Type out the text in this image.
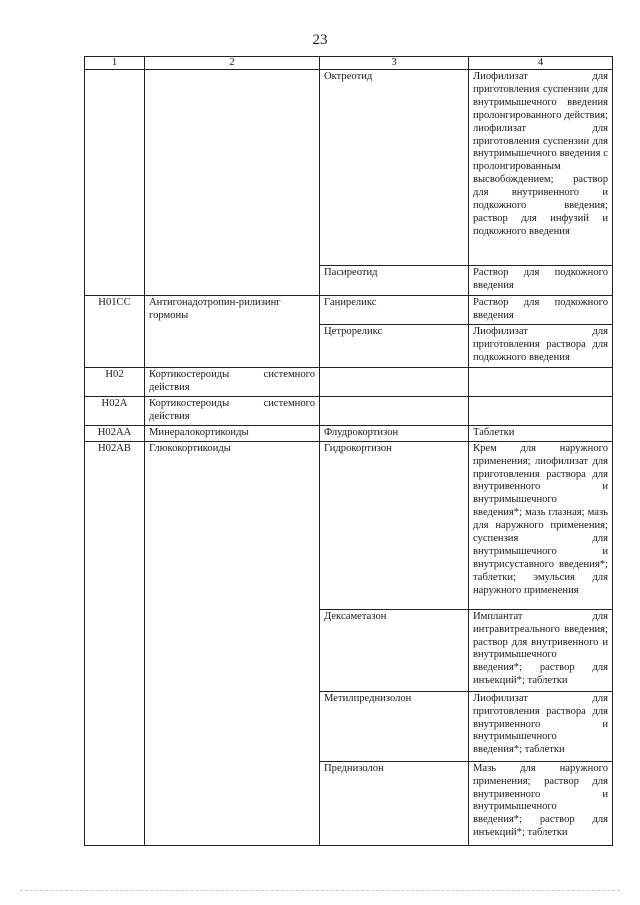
23
1	2	3	4
		Октреотид	Лиофилизат для приготовления суспензии для внутримышечного введения пролонгированного действия; лиофилизат для приготовления суспензии для внутримышечного введения с пролонгированным высвобождением; раствор для внутривенного и подкожного введения; раствор для инфузий и подкожного введения
		Пасиреотид	Раствор для подкожного введения
H01CC	Антигонадотропин-рилизинг гормоны	Ганиреликс	Раствор для подкожного введения
		Цетрореликс	Лиофилизат для приготовления раствора для подкожного введения
H02	Кортикостероиды системного действия		
H02A	Кортикостероиды системного действия		
H02AA	Минералокортикоиды	Флудрокортизон	Таблетки
H02AB	Глюкокортикоиды	Гидрокортизон	Крем для наружного применения; лиофилизат для приготовления раствора для внутривенного и внутримышечного введения*; мазь глазная; мазь для наружного применения; суспензия для внутримышечного и внутрисуставного введения*; таблетки; эмульсия для наружного применения
		Дексаметазон	Имплантат для интравитреального введения; раствор для внутривенного и внутримышечного введения*; раствор для инъекций*; таблетки
		Метилпреднизолон	Лиофилизат для приготовления раствора для внутривенного и внутримышечного введения*; таблетки
		Преднизолон	Мазь для наружного применения; раствор для внутривенного и внутримышечного введения*; раствор для инъекций*; таблетки
